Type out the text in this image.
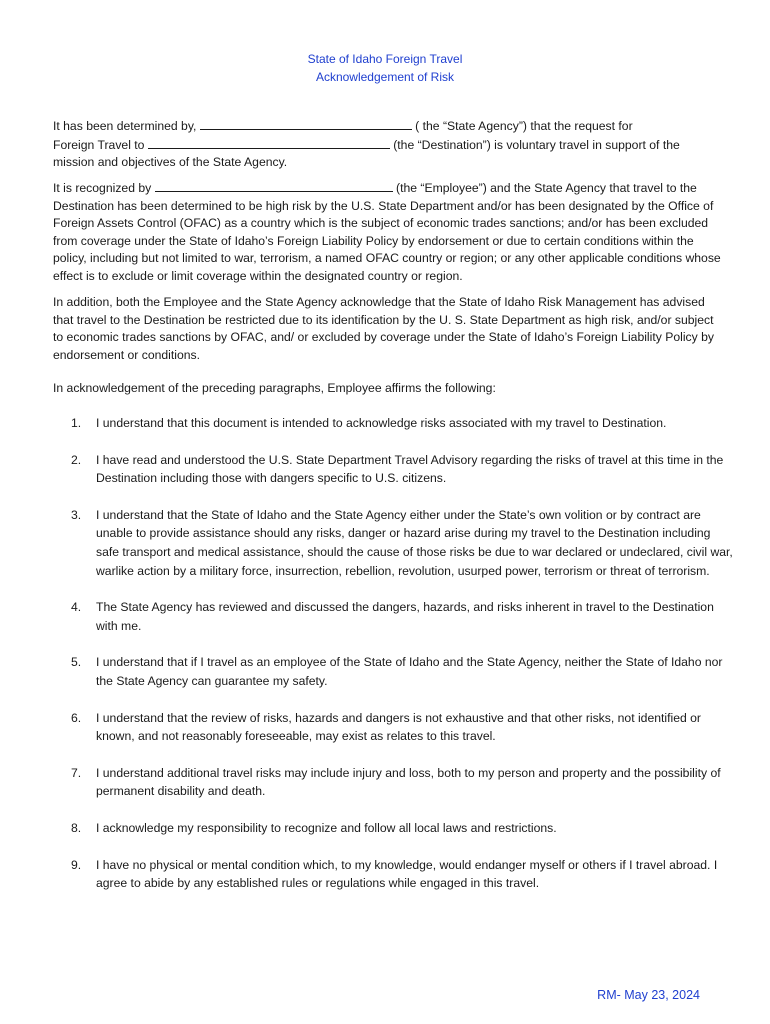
State of Idaho Foreign Travel
Acknowledgement of Risk

It has been determined by,	( the “State Agency”) that the request for
Foreign Travel to	(the “Destination”) is voluntary travel in support of the
mission and objectives of the State Agency.

It is recognized by	(the “Employee”) and the State Agency that travel to the Destination has been determined to be high risk by the U.S. State Department and/or has been designated by the Office of Foreign Assets Control (OFAC) as a country which is the subject of economic trades sanctions; and/or has been excluded from coverage under the State of Idaho’s Foreign Liability Policy by endorsement or due to certain conditions within the policy, including but not limited to war, terrorism, a named OFAC country or region; or any other applicable conditions whose effect is to exclude or limit coverage within the designated country or region.

In addition, both the Employee and the State Agency acknowledge that the State of Idaho Risk Management has advised that travel to the Destination be restricted due to its identification by the U. S. State Department as high risk, and/or subject to economic trades sanctions by OFAC, and/ or excluded by coverage under the State of Idaho’s Foreign Liability Policy by endorsement or conditions.

In acknowledgement of the preceding paragraphs, Employee affirms the following:

1.	I understand that this document is intended to acknowledge risks associated with my travel to Destination.
2.	I have read and understood the U.S. State Department Travel Advisory regarding the risks of travel at this time in the Destination including those with dangers specific to U.S. citizens.
3.	I understand that the State of Idaho and the State Agency either under the State’s own volition or by contract are unable to provide assistance should any risks, danger or hazard arise during my travel to the Destination including safe transport and medical assistance, should the cause of those risks be due to war declared or undeclared, civil war, warlike action by a military force, insurrection, rebellion, revolution, usurped power, terrorism or threat of terrorism.
4.	The State Agency has reviewed and discussed the dangers, hazards, and risks inherent in travel to the Destination with me.
5.	I understand that if I travel as an employee of the State of Idaho and the State Agency, neither the State of Idaho nor the State Agency can guarantee my safety.
6.	I understand that the review of risks, hazards and dangers is not exhaustive and that other risks, not identified or known, and not reasonably foreseeable, may exist as relates to this travel.
7.	I understand additional travel risks may include injury and loss, both to my person and property and the possibility of permanent disability and death.
8.	I acknowledge my responsibility to recognize and follow all local laws and restrictions.
9.	I have no physical or mental condition which, to my knowledge, would endanger myself or others if I travel abroad. I agree to abide by any established rules or regulations while engaged in this travel.
RM- May 23, 2024
